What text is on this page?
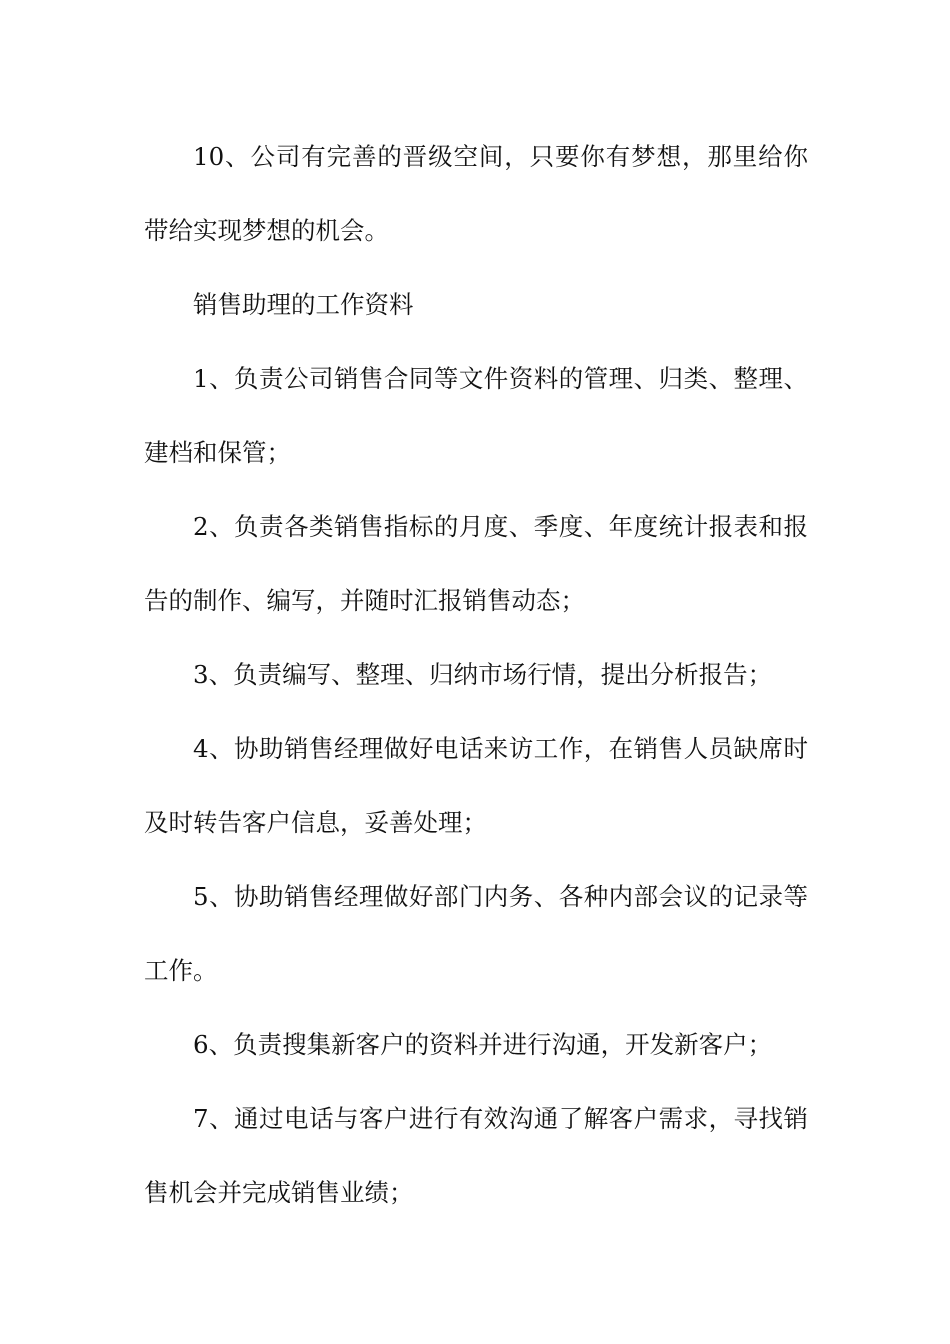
10、公司有完善的晋级空间，只要你有梦想，那里给你带给实现梦想的机会。

销售助理的工作资料

1、负责公司销售合同等文件资料的管理、归类、整理、建档和保管；

2、负责各类销售指标的月度、季度、年度统计报表和报告的制作、编写，并随时汇报销售动态；

3、负责编写、整理、归纳市场行情，提出分析报告；

4、协助销售经理做好电话来访工作，在销售人员缺席时及时转告客户信息，妥善处理；

5、协助销售经理做好部门内务、各种内部会议的记录等工作。

6、负责搜集新客户的资料并进行沟通，开发新客户；

7、通过电话与客户进行有效沟通了解客户需求，寻找销售机会并完成销售业绩；
